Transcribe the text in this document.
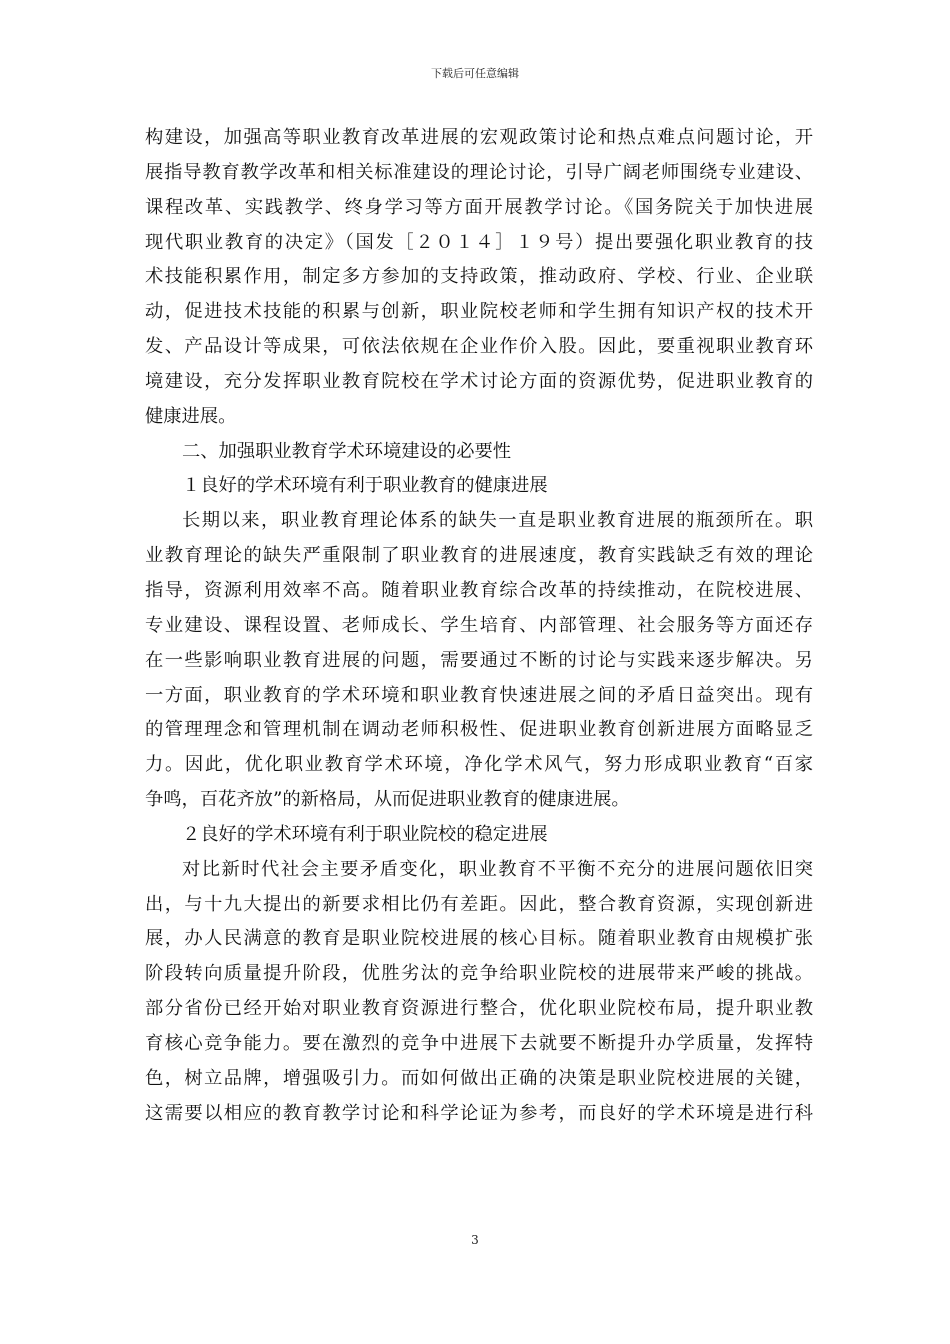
下载后可任意编辑
构建设，加强高等职业教育改革进展的宏观政策讨论和热点难点问题讨论，开
展指导教育教学改革和相关标准建设的理论讨论，引导广阔老师围绕专业建设、
课程改革、实践教学、终身学习等方面开展教学讨论。《国务院关于加快进展
现代职业教育的决定》（国发［２０１４］１９号）提出要强化职业教育的技
术技能积累作用，制定多方参加的支持政策，推动政府、学校、行业、企业联
动，促进技术技能的积累与创新，职业院校老师和学生拥有知识产权的技术开
发、产品设计等成果，可依法依规在企业作价入股。因此，要重视职业教育环
境建设，充分发挥职业教育院校在学术讨论方面的资源优势，促进职业教育的
健康进展。
二、加强职业教育学术环境建设的必要性
１良好的学术环境有利于职业教育的健康进展
长期以来，职业教育理论体系的缺失一直是职业教育进展的瓶颈所在。职
业教育理论的缺失严重限制了职业教育的进展速度，教育实践缺乏有效的理论
指导，资源利用效率不高。随着职业教育综合改革的持续推动，在院校进展、
专业建设、课程设置、老师成长、学生培育、内部管理、社会服务等方面还存
在一些影响职业教育进展的问题，需要通过不断的讨论与实践来逐步解决。另
一方面，职业教育的学术环境和职业教育快速进展之间的矛盾日益突出。现有
的管理理念和管理机制在调动老师积极性、促进职业教育创新进展方面略显乏
力。因此，优化职业教育学术环境，净化学术风气，努力形成职业教育“百家
争鸣，百花齐放”的新格局，从而促进职业教育的健康进展。
２良好的学术环境有利于职业院校的稳定进展
对比新时代社会主要矛盾变化，职业教育不平衡不充分的进展问题依旧突
出，与十九大提出的新要求相比仍有差距。因此，整合教育资源，实现创新进
展，办人民满意的教育是职业院校进展的核心目标。随着职业教育由规模扩张
阶段转向质量提升阶段，优胜劣汰的竞争给职业院校的进展带来严峻的挑战。
部分省份已经开始对职业教育资源进行整合，优化职业院校布局，提升职业教
育核心竞争能力。要在激烈的竞争中进展下去就要不断提升办学质量，发挥特
色，树立品牌，增强吸引力。而如何做出正确的决策是职业院校进展的关键，
这需要以相应的教育教学讨论和科学论证为参考，而良好的学术环境是进行科
3
